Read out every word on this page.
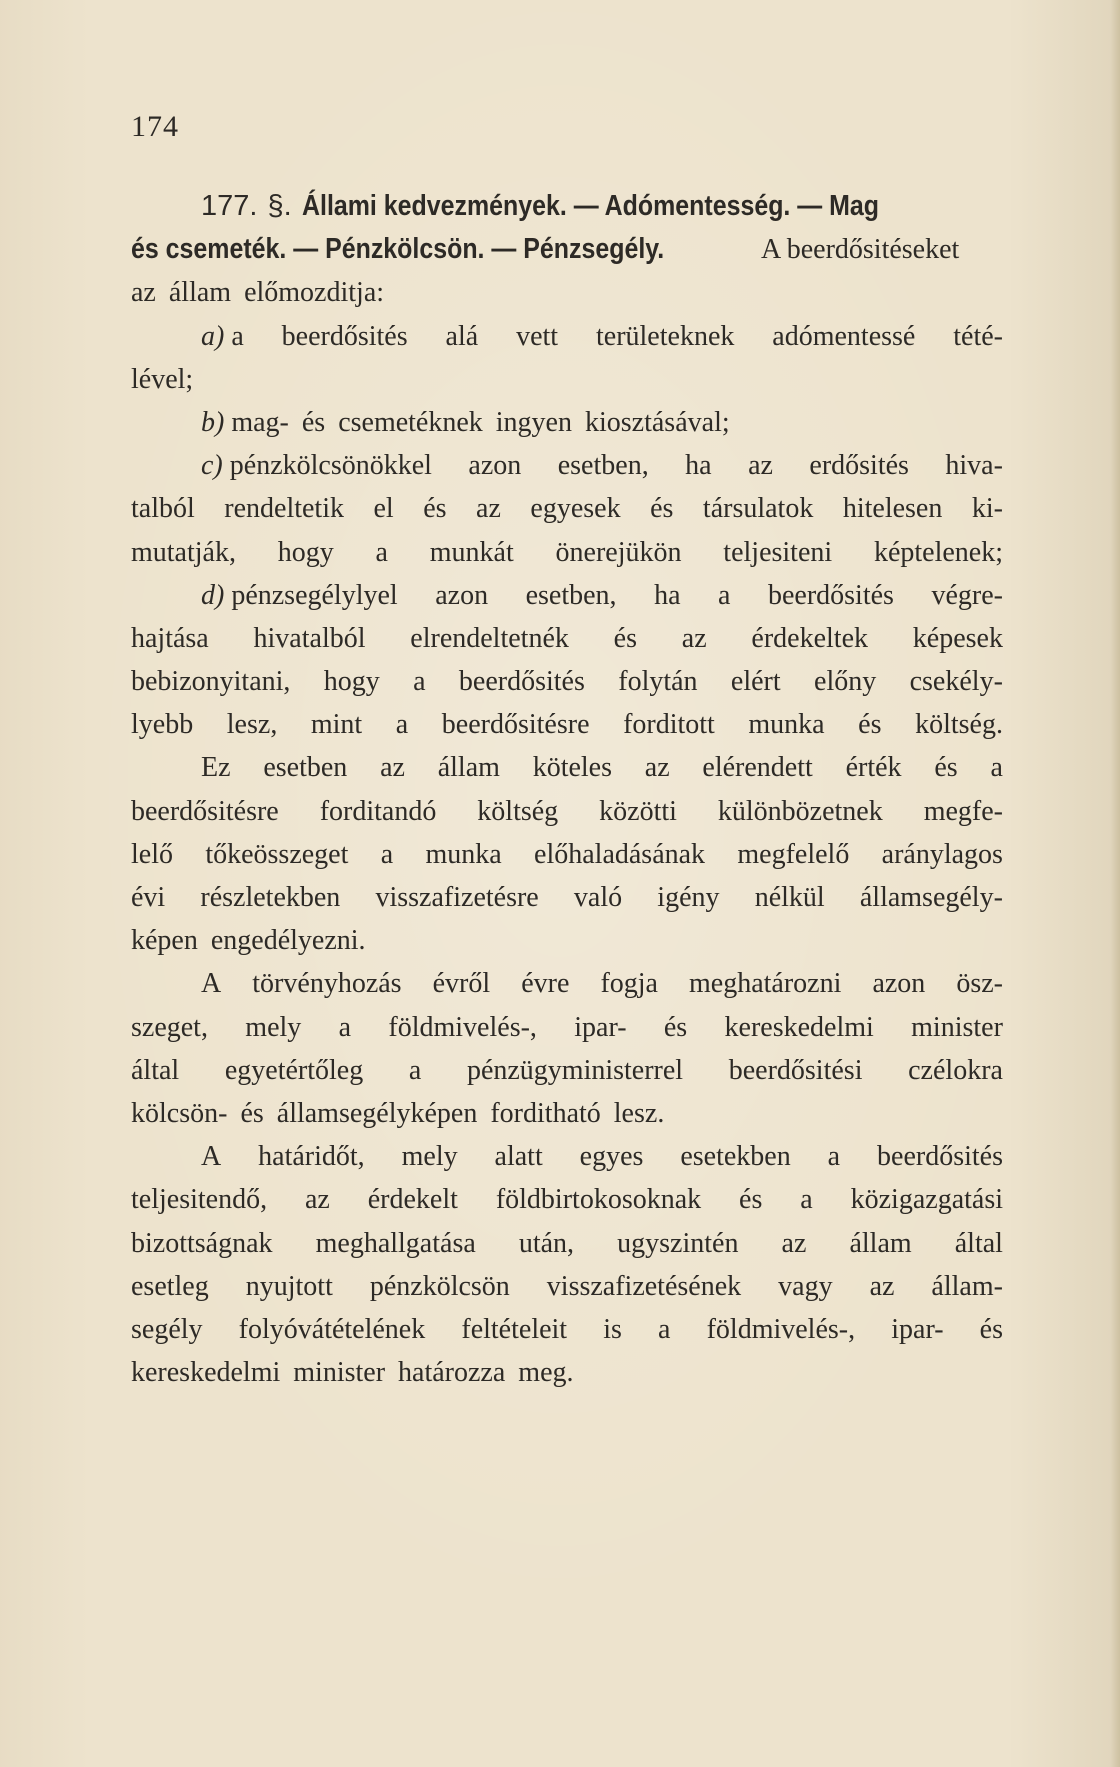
174
177. §. Állami kedvezmények. — Adómentesség. — Mag
és csemeték. — Pénzkölcsön. — Pénzsegély.	A beerdősitéseket
az állam előmozditja:
a) a beerdősités alá vett területeknek adómentessé tété-
lével;
b) mag- és csemetéknek ingyen kiosztásával;
c) pénzkölcsönökkel azon esetben, ha az erdősités hiva-
talból rendeltetik el és az egyesek és társulatok hitelesen ki-
mutatják, hogy a munkát önerejükön teljesiteni képtelenek;
d) pénzsegélylyel azon esetben, ha a beerdősités végre-
hajtása hivatalból elrendeltetnék és az érdekeltek képesek
bebizonyitani, hogy a beerdősités folytán elért előny csekély-
lyebb lesz, mint a beerdősitésre forditott munka és költség.
Ez esetben az állam köteles az elérendett érték és a
beerdősitésre forditandó költség közötti különbözetnek megfe-
lelő tőkeösszeget a munka előhaladásának megfelelő aránylagos
évi részletekben visszafizetésre való igény nélkül államsegély-
képen engedélyezni.
A törvényhozás évről évre fogja meghatározni azon ösz-
szeget, mely a földmivelés-, ipar- és kereskedelmi minister
által egyetértőleg a pénzügyministerrel beerdősitési czélokra
kölcsön- és államsegélyképen forditható lesz.
A határidőt, mely alatt egyes esetekben a beerdősités
teljesitendő, az érdekelt földbirtokosoknak és a közigazgatási
bizottságnak meghallgatása után, ugyszintén az állam által
esetleg nyujtott pénzkölcsön visszafizetésének vagy az állam-
segély folyóvátételének feltételeit is a földmivelés-, ipar- és
kereskedelmi minister határozza meg.
